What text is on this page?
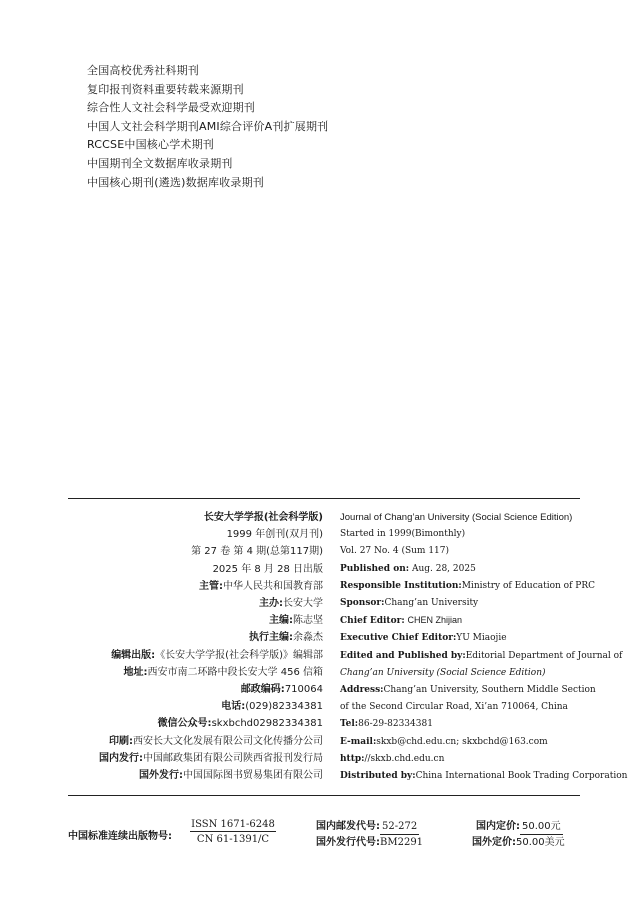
全国高校优秀社科期刊
复印报刊资料重要转载来源期刊
综合性人文社会科学最受欢迎期刊
中国人文社会科学期刊AMI综合评价A刊扩展期刊
RCCSE中国核心学术期刊
中国期刊全文数据库收录期刊
中国核心期刊(遴选)数据库收录期刊
长安大学学报(社会科学版)
1999 年创刊(双月刊)
第 27 卷 第 4 期(总第117期)
2025 年 8 月 28 日出版
主管:中华人民共和国教育部
主办:长安大学
主编:陈志坚
执行主编:余淼杰
编辑出版:《长安大学学报(社会科学版)》编辑部
地址:西安市南二环路中段长安大学 456 信箱
邮政编码:710064
电话:(029)82334381
微信公众号:skxbchd02982334381
印刷:西安长大文化发展有限公司文化传播分公司
国内发行:中国邮政集团有限公司陕西省报刊发行局
国外发行:中国国际图书贸易集团有限公司
Journal of Chang’an University (Social Science Edition)
Started in 1999(Bimonthly)
Vol. 27 No. 4 (Sum 117)
Published on: Aug. 28, 2025
Responsible Institution:Ministry of Education of PRC
Sponsor:Chang’an University
Chief Editor: CHEN Zhijian
Executive Chief Editor:YU Miaojie
Edited and Published by:Editorial Department of Journal of
Chang’an University (Social Science Edition)
Address:Chang’an University, Southern Middle Section
of the Second Circular Road, Xi’an 710064, China
Tel:86-29-82334381
E-mail:skxb@chd.edu.cn; skxbchd@163.com
http://skxb.chd.edu.cn
Distributed by:China International Book Trading Corporation
中国标准连续出版物号:
ISSN 1671-6248
CN 61-1391/C
国内邮发代号: 52-272
国外发行代号:BM2291
国内定价: 50.00元
国外定价:50.00美元
